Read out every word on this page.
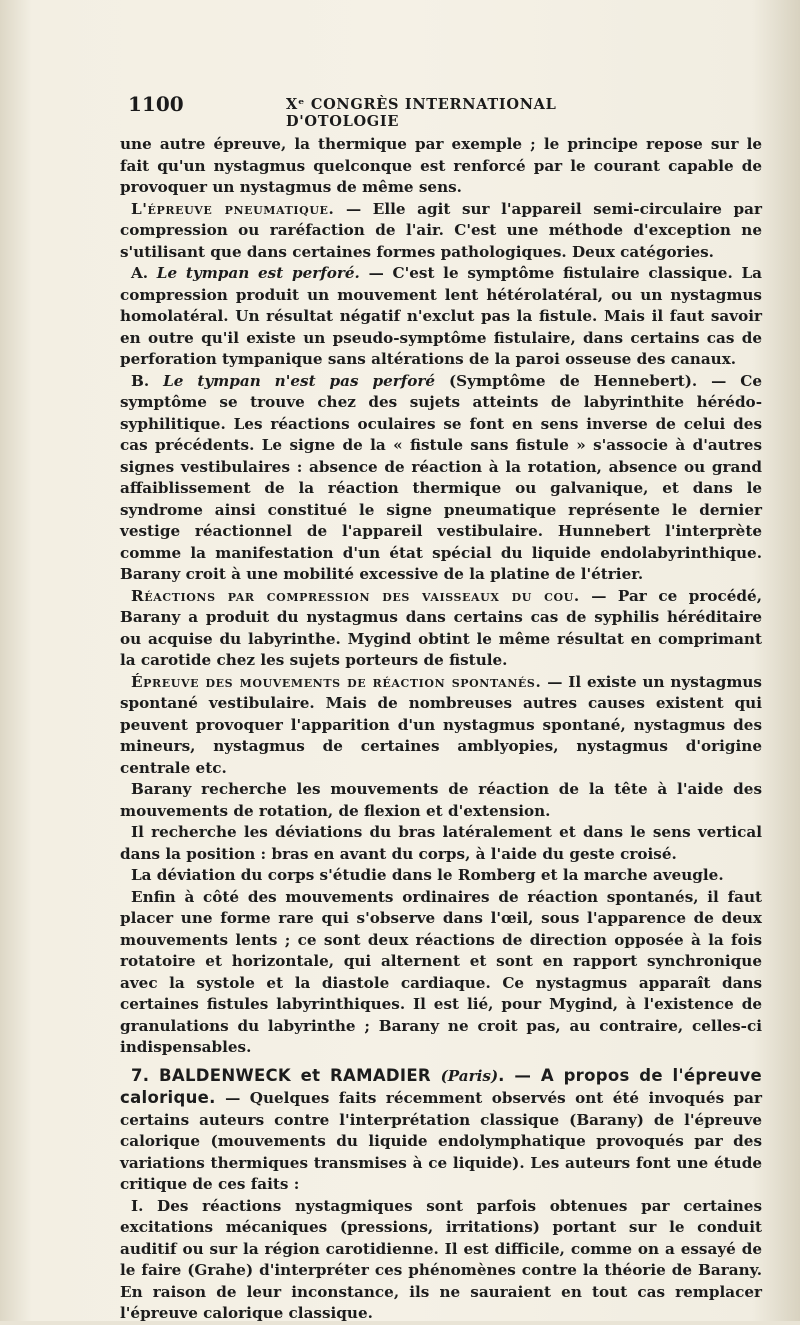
1100	Xᵉ CONGRÈS INTERNATIONAL D'OTOLOGIE

une autre épreuve, la thermique par exemple ; le principe repose sur le fait qu'un nystagmus quelconque est renforcé par le courant capable de provoquer un nystagmus de même sens.

L'épreuve pneumatique. — Elle agit sur l'appareil semi-circulaire par compression ou raréfaction de l'air. C'est une méthode d'exception ne s'utilisant que dans certaines formes pathologiques. Deux catégories.

A. Le tympan est perforé. — C'est le symptôme fistulaire classique. La compression produit un mouvement lent hétérolatéral, ou un nystagmus homolatéral. Un résultat négatif n'exclut pas la fistule. Mais il faut savoir en outre qu'il existe un pseudo-symptôme fistulaire, dans certains cas de perforation tympanique sans altérations de la paroi osseuse des canaux.

B. Le tympan n'est pas perforé (Symptôme de Hennebert). — Ce symptôme se trouve chez des sujets atteints de labyrinthite hérédo-syphilitique. Les réactions oculaires se font en sens inverse de celui des cas précédents. Le signe de la « fistule sans fistule » s'associe à d'autres signes vestibulaires : absence de réaction à la rotation, absence ou grand affaiblissement de la réaction thermique ou galvanique, et dans le syndrome ainsi constitué le signe pneumatique représente le dernier vestige réactionnel de l'appareil vestibulaire. Hunnebert l'interprète comme la manifestation d'un état spécial du liquide endolabyrinthique. Barany croit à une mobilité excessive de la platine de l'étrier.

Réactions par compression des vaisseaux du cou. — Par ce procédé, Barany a produit du nystagmus dans certains cas de syphilis héréditaire ou acquise du labyrinthe. Mygind obtint le même résultat en comprimant la carotide chez les sujets porteurs de fistule.

Épreuve des mouvements de réaction spontanés. — Il existe un nystagmus spontané vestibulaire. Mais de nombreuses autres causes existent qui peuvent provoquer l'apparition d'un nystagmus spontané, nystagmus des mineurs, nystagmus de certaines amblyopies, nystagmus d'origine centrale etc.

Barany recherche les mouvements de réaction de la tête à l'aide des mouvements de rotation, de flexion et d'extension.

Il recherche les déviations du bras latéralement et dans le sens vertical dans la position : bras en avant du corps, à l'aide du geste croisé.

La déviation du corps s'étudie dans le Romberg et la marche aveugle.

Enfin à côté des mouvements ordinaires de réaction spontanés, il faut placer une forme rare qui s'observe dans l'œil, sous l'apparence de deux mouvements lents ; ce sont deux réactions de direction opposée à la fois rotatoire et horizontale, qui alternent et sont en rapport synchronique avec la systole et la diastole cardiaque. Ce nystagmus apparaît dans certaines fistules labyrinthiques. Il est lié, pour Mygind, à l'existence de granulations du labyrinthe ; Barany ne croit pas, au contraire, celles-ci indispensables.

7. BALDENWECK et RAMADIER (Paris). — A propos de l'épreuve calorique. — Quelques faits récemment observés ont été invoqués par certains auteurs contre l'interprétation classique (Barany) de l'épreuve calorique (mouvements du liquide endolymphatique provoqués par des variations thermiques transmises à ce liquide). Les auteurs font une étude critique de ces faits :

I. Des réactions nystagmiques sont parfois obtenues par certaines excitations mécaniques (pressions, irritations) portant sur le conduit auditif ou sur la région carotidienne. Il est difficile, comme on a essayé de le faire (Grahe) d'interpréter ces phénomènes contre la théorie de Barany. En raison de leur inconstance, ils ne sauraient en tout cas remplacer l'épreuve calorique classique.
